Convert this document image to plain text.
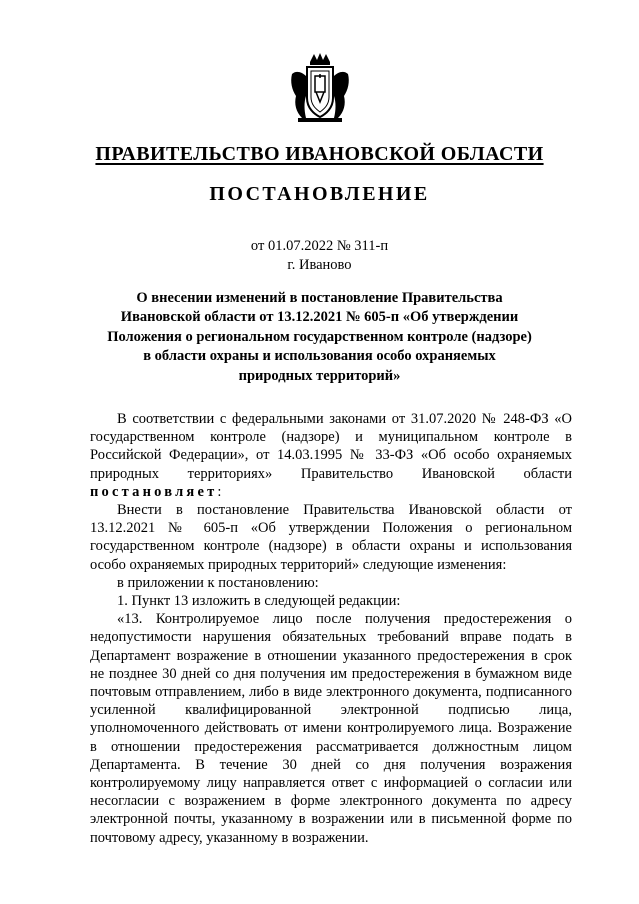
ПРАВИТЕЛЬСТВО ИВАНОВСКОЙ ОБЛАСТИ
ПОСТАНОВЛЕНИЕ
от 01.07.2022 № 311-п
г. Иваново
О внесении изменений в постановление Правительства
Ивановской области от 13.12.2021 № 605-п «Об утверждении
Положения о региональном государственном контроле (надзоре)
в области охраны и использования особо охраняемых
природных территорий»

В соответствии с федеральными законами от 31.07.2020 № 248-ФЗ «О государственном контроле (надзоре) и муниципальном контроле в Российской Федерации», от 14.03.1995 № 33-ФЗ «Об особо охраняемых природных территориях» Правительство Ивановской области постановляет:

Внести в постановление Правительства Ивановской области от 13.12.2021 № 605-п «Об утверждении Положения о региональном государственном контроле (надзоре) в области охраны и использования особо охраняемых природных территорий» следующие изменения:

в приложении к постановлению:

1. Пункт 13 изложить в следующей редакции:

«13. Контролируемое лицо после получения предостережения о недопустимости нарушения обязательных требований вправе подать в Департамент возражение в отношении указанного предостережения в срок не позднее 30 дней со дня получения им предостережения в бумажном виде почтовым отправлением, либо в виде электронного документа, подписанного усиленной квалифицированной электронной подписью лица, уполномоченного действовать от имени контролируемого лица. Возражение в отношении предостережения рассматривается должностным лицом Департамента. В течение 30 дней со дня получения возражения контролируемому лицу направляется ответ с информацией о согласии или несогласии с возражением в форме электронного документа по адресу электронной почты, указанному в возражении или в письменной форме по почтовому адресу, указанному в возражении.
